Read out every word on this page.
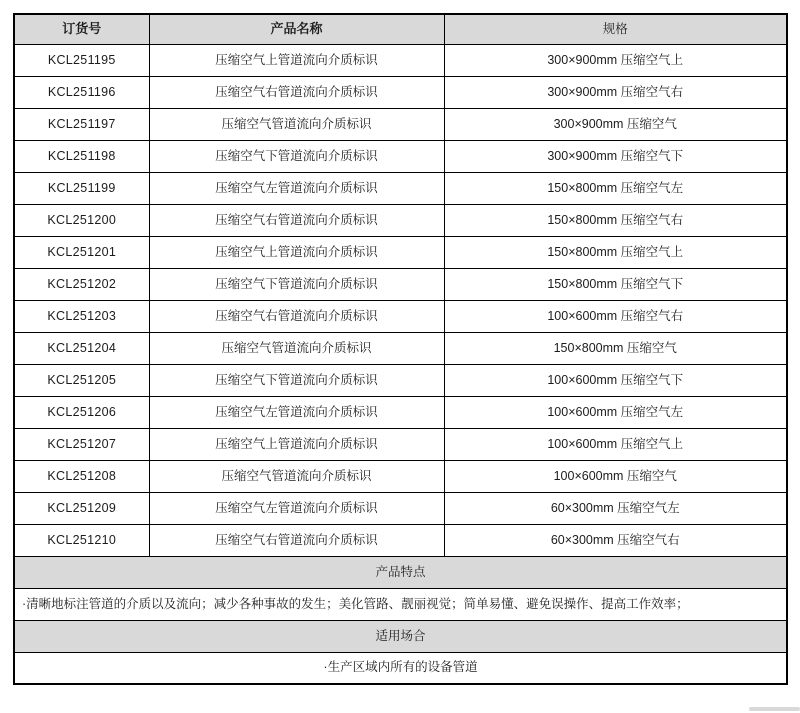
订货号	产品名称	规格
KCL251195	压缩空气上管道流向介质标识	300×900mm 压缩空气上
KCL251196	压缩空气右管道流向介质标识	300×900mm 压缩空气右
KCL251197	压缩空气管道流向介质标识	300×900mm 压缩空气
KCL251198	压缩空气下管道流向介质标识	300×900mm 压缩空气下
KCL251199	压缩空气左管道流向介质标识	150×800mm 压缩空气左
KCL251200	压缩空气右管道流向介质标识	150×800mm 压缩空气右
KCL251201	压缩空气上管道流向介质标识	150×800mm 压缩空气上
KCL251202	压缩空气下管道流向介质标识	150×800mm 压缩空气下
KCL251203	压缩空气右管道流向介质标识	100×600mm 压缩空气右
KCL251204	压缩空气管道流向介质标识	150×800mm 压缩空气
KCL251205	压缩空气下管道流向介质标识	100×600mm 压缩空气下
KCL251206	压缩空气左管道流向介质标识	100×600mm 压缩空气左
KCL251207	压缩空气上管道流向介质标识	100×600mm 压缩空气上
KCL251208	压缩空气管道流向介质标识	100×600mm 压缩空气
KCL251209	压缩空气左管道流向介质标识	60×300mm 压缩空气左
KCL251210	压缩空气右管道流向介质标识	60×300mm 压缩空气右
产品特点		
·清晰地标注管道的介质以及流向；减少各种事故的发生；美化管路、靓丽视觉；简单易懂、避免误操作、提高工作效率；		
适用场合		
·生产区域内所有的设备管道		
